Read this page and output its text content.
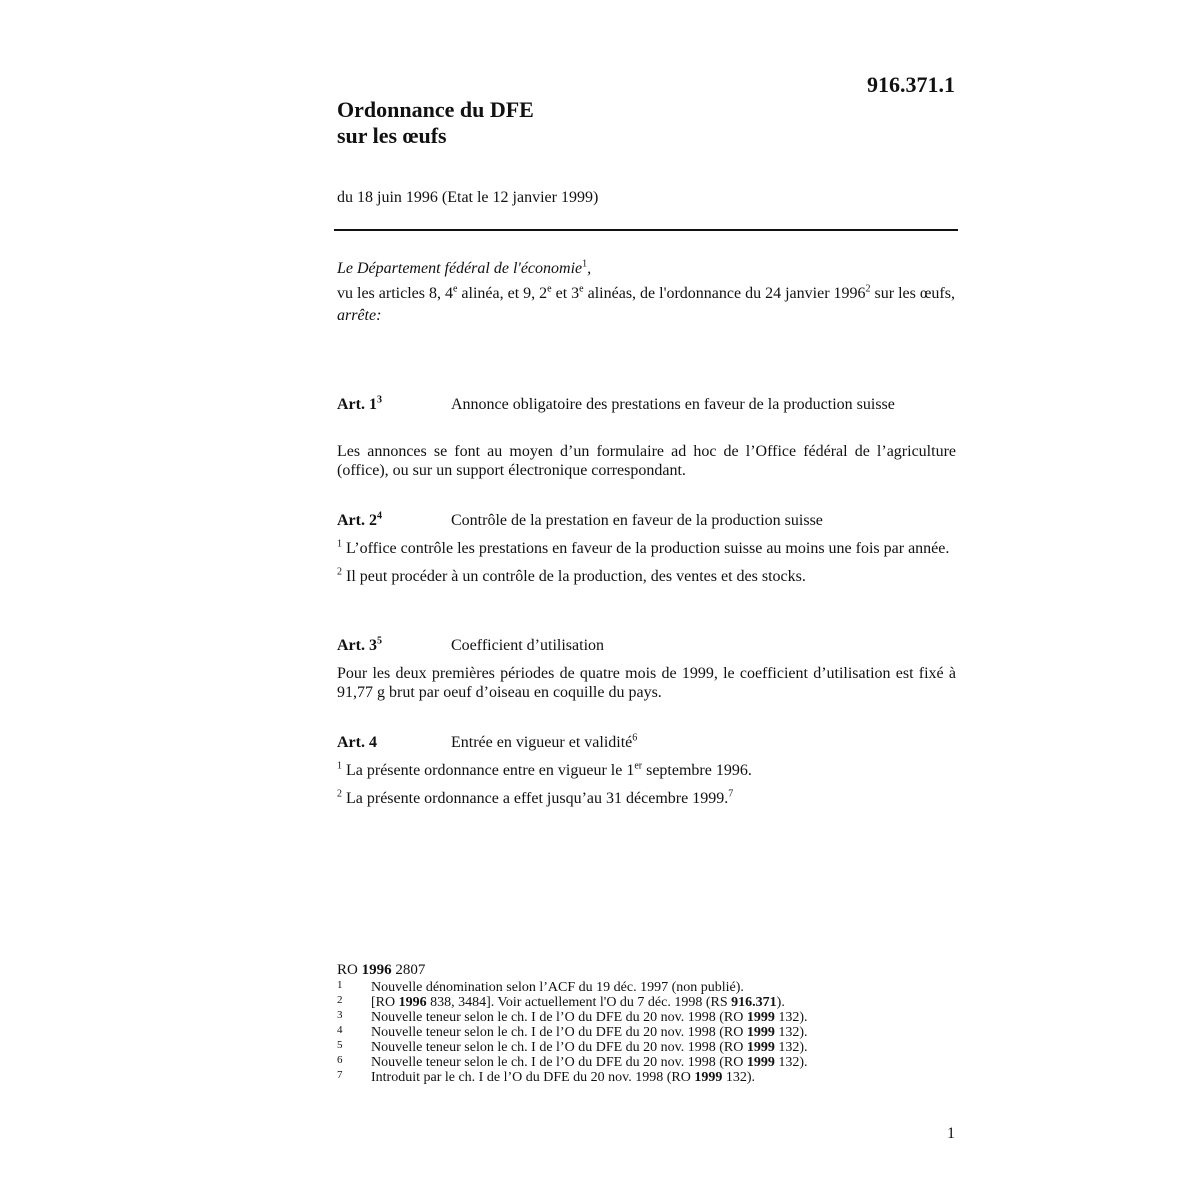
916.371.1
Ordonnance du DFE
sur les œufs
du 18 juin 1996 (Etat le 12 janvier 1999)

Le Département fédéral de l'économie$^1$,

vu les articles 8, 4e alinéa, et 9, 2e et 3e alinéas, de l'ordonnance du 24 janvier 1996$^2$ sur les œufs,

arrête:

Art. $1^3$	Annonce obligatoire des prestations en faveur de la production suisse

Les annonces se font au moyen d’un formulaire ad hoc de l’Office fédéral de l’agriculture (office), ou sur un support électronique correspondant.

Art. $2^4$	Contrôle de la prestation en faveur de la production suisse

$^1$ L’office contrôle les prestations en faveur de la production suisse au moins une fois par année.

$^2$ Il peut procéder à un contrôle de la production, des ventes et des stocks.

Art. $3^5$	Coefficient d’utilisation

Pour les deux premières périodes de quatre mois de 1999, le coefficient d’utilisation est fixé à 91,77 g brut par oeuf d’oiseau en coquille du pays.

Art. 4	Entrée en vigueur et validité$^6$

$^1$ La présente ordonnance entre en vigueur le 1er septembre 1996.

$^2$ La présente ordonnance a effet jusqu’au 31 décembre 1999.$^7$

RO 1996 2807
1 Nouvelle dénomination selon l’ACF du 19 déc. 1997 (non publié).
2 [RO 1996 838, 3484]. Voir actuellement l'O du 7 déc. 1998 (RS 916.371).
3 Nouvelle teneur selon le ch. I de l’O du DFE du 20 nov. 1998 (RO 1999 132).
4 Nouvelle teneur selon le ch. I de l’O du DFE du 20 nov. 1998 (RO 1999 132).
5 Nouvelle teneur selon le ch. I de l’O du DFE du 20 nov. 1998 (RO 1999 132).
6 Nouvelle teneur selon le ch. I de l’O du DFE du 20 nov. 1998 (RO 1999 132).
7 Introduit par le ch. I de l’O du DFE du 20 nov. 1998 (RO 1999 132).
1
